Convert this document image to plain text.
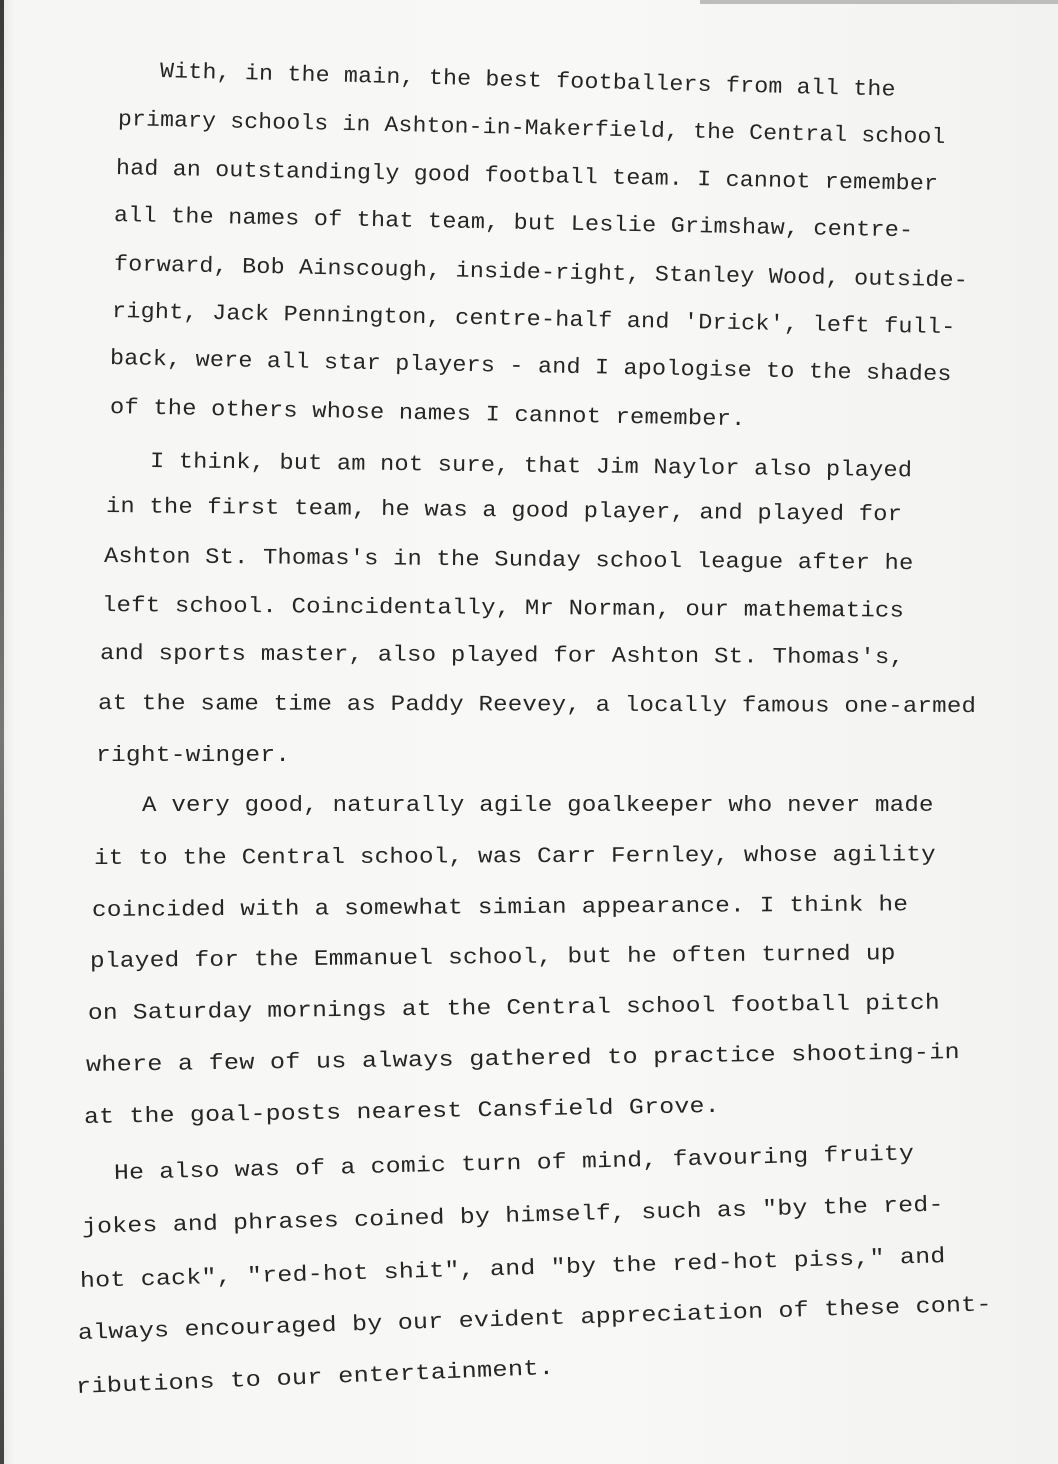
With, in the main, the best footballers from all the
primary schools in Ashton-in-Makerfield, the Central school
had an outstandingly good football team. I cannot remember
all the names of that team, but Leslie Grimshaw, centre-
forward, Bob Ainscough, inside-right, Stanley Wood, outside-
right, Jack Pennington, centre-half and 'Drick', left full-
back, were all star players - and I apologise to the shades
of the others whose names I cannot remember.
I think, but am not sure, that Jim Naylor also played
in the first team, he was a good player, and played for
Ashton St. Thomas's in the Sunday school league after he
left school. Coincidentally, Mr Norman, our mathematics
and sports master, also played for Ashton St. Thomas's,
at the same time as Paddy Reevey, a locally famous one-armed
right-winger.
A very good, naturally agile goalkeeper who never made
it to the Central school, was Carr Fernley, whose agility
coincided with a somewhat simian appearance. I think he
played for the Emmanuel school, but he often turned up
on Saturday mornings at the Central school football pitch
where a few of us always gathered to practice shooting-in
at the goal-posts nearest Cansfield Grove.
He also was of a comic turn of mind, favouring fruity
jokes and phrases coined by himself, such as "by the red-
hot cack", "red-hot shit", and "by the red-hot piss," and
always encouraged by our evident appreciation of these cont-
ributions to our entertainment.
